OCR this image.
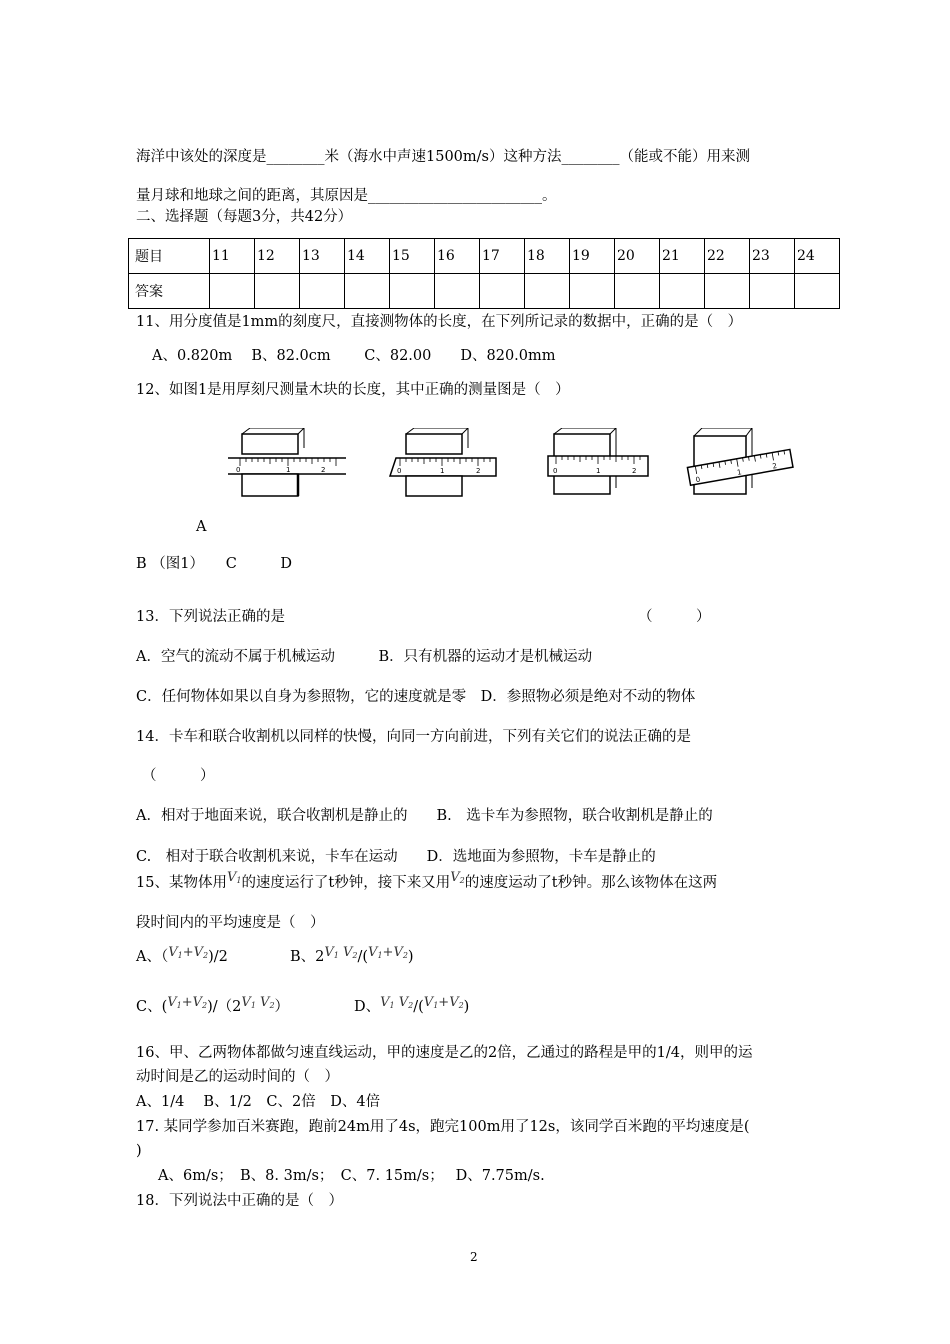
海洋中该处的深度是________米（海水中声速1500m/s）这种方法________（能或不能）用来测
量月球和地球之间的距离，其原因是________________________。
二、选择题（每题3分，共42分）
题目	11	12	13	14	15	16	17	18	19	20	21	22	23	24
答案														
11、用分度值是1mm的刻度尺，直接测物体的长度，在下列所记录的数据中，正确的是（　）
A、0.820m　 B、82.0cm　　 C、82.00　　D、820.0mm
12、如图1是用厚刻尺测量木块的长度，其中正确的测量图是（　）
0	1	2	0	1	2	0	1	2
0
1
2
A
B （图1）　　C　　　D
13．下列说法正确的是	（　　　）
A．空气的流动不属于机械运动　　　B．只有机器的运动才是机械运动
C．任何物体如果以自身为参照物，它的速度就是零　D．参照物必须是绝对不动的物体
14．卡车和联合收割机以同样的快慢，向同一方向前进，下列有关它们的说法正确的是
（　　　）
A．相对于地面来说，联合收割机是静止的　　B.　选卡车为参照物，联合收割机是静止的
C.　相对于联合收割机来说，卡车在运动　　D．选地面为参照物，卡车是静止的
15、某物体用$V_1$的速度运行了t秒钟，接下来又用$V_2$的速度运动了t秒钟。那么该物体在这两
段时间内的平均速度是（　）
A、$(V_1+V_2)/2$	B、$2V_1$ $V_2/(V_1+V_2)$
C、$(V_1+V_2)/(2V_1$ $V_2$）	D、$V_1$ $V_2/(V_1+V_2)$
16、甲、乙两物体都做匀速直线运动，甲的速度是乙的2倍，乙通过的路程是甲的1/4，则甲的运
动时间是乙的运动时间的（　）
A、1/4　 B、1/2　C、2倍　D、4倍
17. 某同学参加百米赛跑，跑前24m用了4s，跑完100m用了12s，该同学百米跑的平均速度是(
)
A、6m/s；　B、8. 3m/s；　C、7. 15m/s；　 D、7.75m/s.
18．下列说法中正确的是（　）
2
